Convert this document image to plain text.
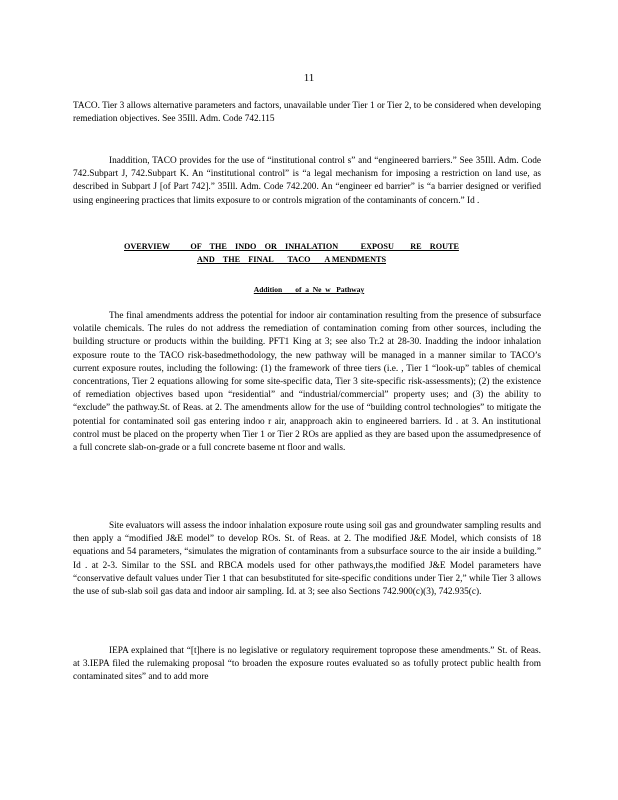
11
TACO. Tier 3 allows alternative parameters and factors, unavailable under Tier 1 or Tier 2, to be considered when developing remediation objectives. See 35Ill. Adm. Code 742.115
Inaddition, TACO provides for the use of “institutional control s” and “engineered barriers.” See 35Ill. Adm. Code 742.Subpart J, 742.Subpart K. An “institutional control” is “a legal mechanism for imposing a restriction on land use, as described in Subpart J [of Part 742].” 35Ill. Adm. Code 742.200. An “engineer ed barrier” is “a barrier designed or verified using engineering practices that limits exposure to or controls migration of the contaminants of concern.” Id .
OVERVIEW          OF    THE    INDO    OR    INHALATION           EXPOSU        RE    ROUTE
AND    THE    FINAL       TACO       A MENDMENTS
Addition       of  a  Ne  w   Pathway
The final amendments address the potential for indoor air contamination resulting from the presence of subsurface volatile chemicals. The rules do not address the remediation of contamination coming from other sources, including the building structure or products within the building. PFT1 King at 3; see also Tr.2 at 28-30. Inadding the indoor inhalation exposure route to the TACO risk-basedmethodology, the new pathway will be managed in a manner similar to TACO’s current exposure routes, including the following: (1) the framework of three tiers (i.e. , Tier 1 “look-up” tables of chemical concentrations, Tier 2 equations allowing for some site-specific data, Tier 3 site-specific risk-assessments); (2) the existence of remediation objectives based upon “residential” and “industrial/commercial” property uses; and (3) the ability to “exclude” the pathway.St. of Reas. at 2. The amendments allow for the use of “building control technologies” to mitigate the potential for contaminated soil gas entering indoo r air, anapproach akin to engineered barriers. Id . at 3. An institutional control must be placed on the property when Tier 1 or Tier 2 ROs are applied as they are based upon the assumedpresence of a full concrete slab-on-grade or a full concrete baseme nt floor and walls.
Site evaluators will assess the indoor inhalation exposure route using soil gas and groundwater sampling results and then apply a “modified J&E model” to develop ROs. St. of Reas. at 2. The modified J&E Model, which consists of 18 equations and 54 parameters, “simulates the migration of contaminants from a subsurface source to the air inside a building.” Id . at 2-3. Similar to the SSL and RBCA models used for other pathways,the modified J&E Model parameters have “conservative default values under Tier 1 that can besubstituted for site-specific conditions under Tier 2,” while Tier 3 allows the use of sub-slab soil gas data and indoor air sampling. Id. at 3; see also Sections 742.900(c)(3), 742.935(c).
IEPA explained that “[t]here is no legislative or regulatory requirement topropose these amendments.” St. of Reas. at 3.IEPA filed the rulemaking proposal “to broaden the exposure routes evaluated so as tofully protect public health from contaminated sites” and to add more
